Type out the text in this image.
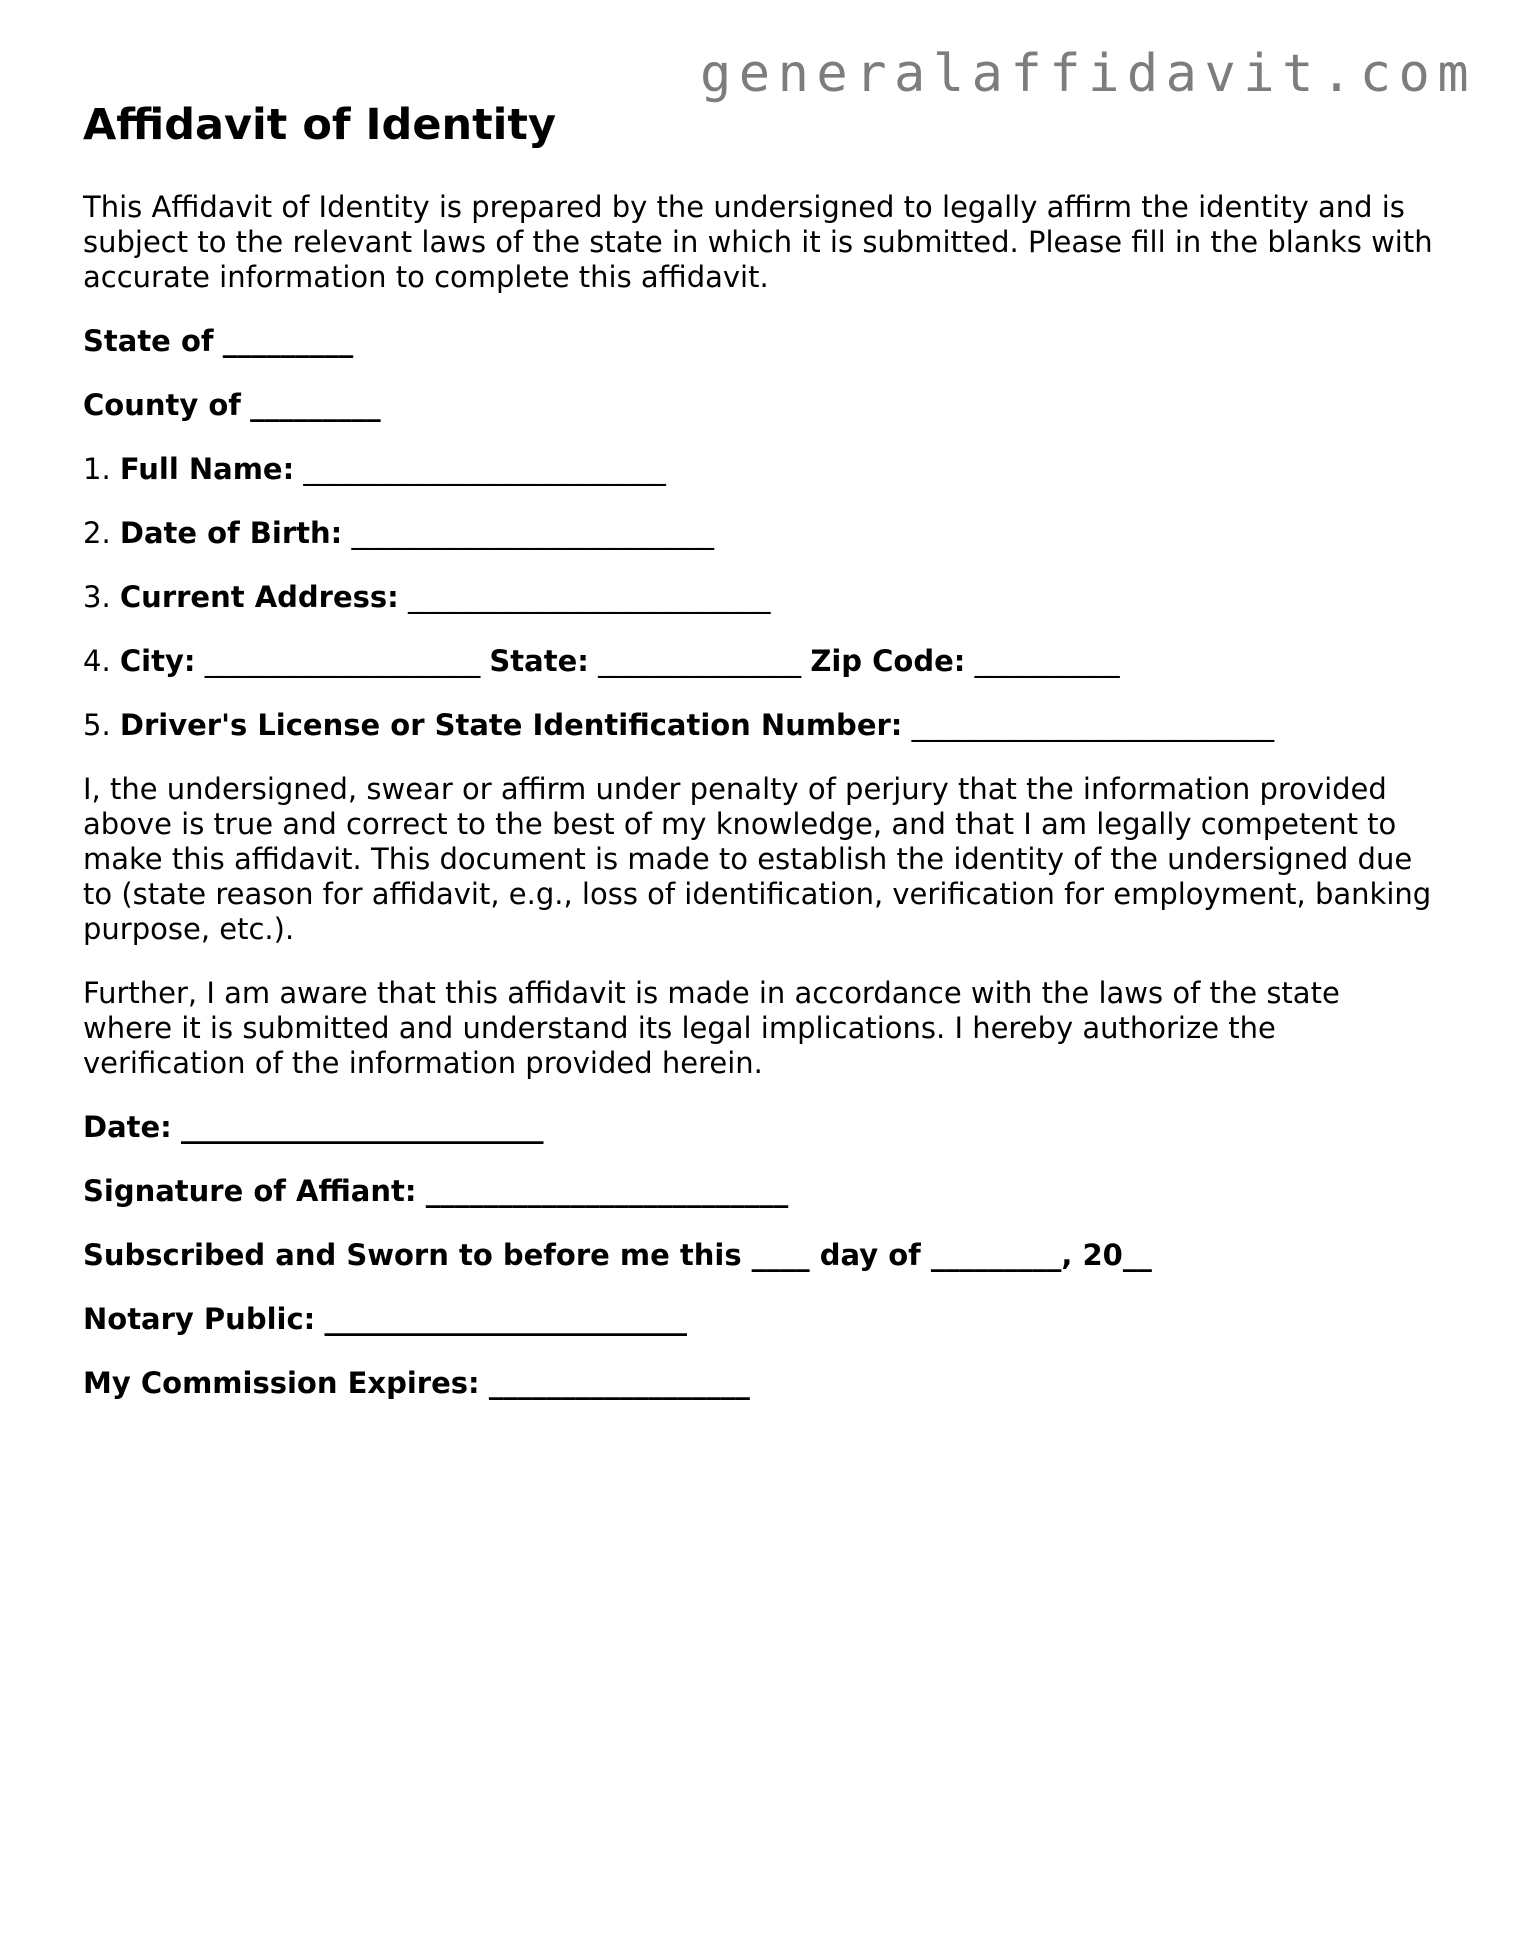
generalaffidavit.com
Affidavit of Identity

This Affidavit of Identity is prepared by the undersigned to legally affirm the identity and is subject to the relevant laws of the state in which it is submitted. Please fill in the blanks with accurate information to complete this affidavit.

State of _________

County of _________

1. Full Name: _________________________

2. Date of Birth: _________________________

3. Current Address: _________________________

4. City: ___________________ State: ______________ Zip Code: __________

5. Driver's License or State Identification Number: _________________________

I, the undersigned, swear or affirm under penalty of perjury that the information provided above is true and correct to the best of my knowledge, and that I am legally competent to make this affidavit. This document is made to establish the identity of the undersigned due to (state reason for affidavit, e.g., loss of identification, verification for employment, banking purpose, etc.).

Further, I am aware that this affidavit is made in accordance with the laws of the state where it is submitted and understand its legal implications. I hereby authorize the verification of the information provided herein.

Date: _________________________

Signature of Affiant: _________________________

Subscribed and Sworn to before me this ____ day of _________, 20__

Notary Public: _________________________

My Commission Expires: __________________
